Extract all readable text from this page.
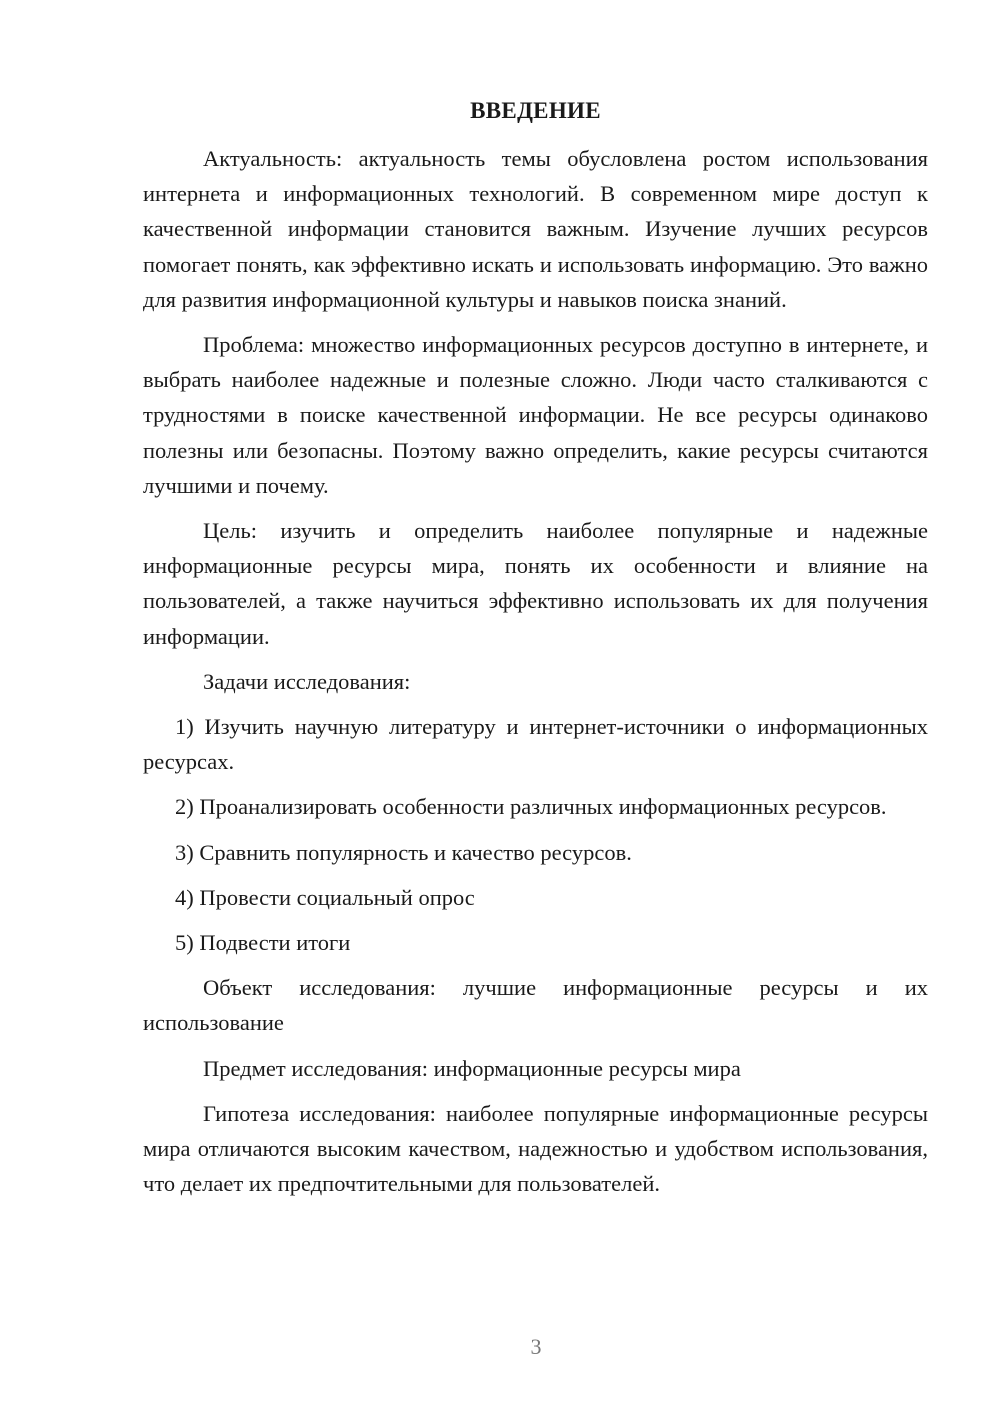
ВВЕДЕНИЕ

Актуальность: актуальность темы обусловлена ростом использования интернета и информационных технологий. В современном мире доступ к качественной информации становится важным. Изучение лучших ресурсов помогает понять, как эффективно искать и использовать информацию. Это важно для развития информационной культуры и навыков поиска знаний.

Проблема: множество информационных ресурсов доступно в интернете, и выбрать наиболее надежные и полезные сложно. Люди часто сталкиваются с трудностями в поиске качественной информации. Не все ресурсы одинаково полезны или безопасны. Поэтому важно определить, какие ресурсы считаются лучшими и почему.

Цель: изучить и определить наиболее популярные и надежные информационные ресурсы мира, понять их особенности и влияние на пользователей, а также научиться эффективно использовать их для получения информации.

Задачи исследования:

1) Изучить научную литературу и интернет-источники о информационных ресурсах.

2) Проанализировать особенности различных информационных ресурсов.

3) Сравнить популярность и качество ресурсов.

4) Провести социальный опрос

5) Подвести итоги

Объект исследования: лучшие информационные ресурсы и их использование

Предмет исследования: информационные ресурсы мира

Гипотеза исследования: наиболее популярные информационные ресурсы мира отличаются высоким качеством, надежностью и удобством использования, что делает их предпочтительными для пользователей.

3
